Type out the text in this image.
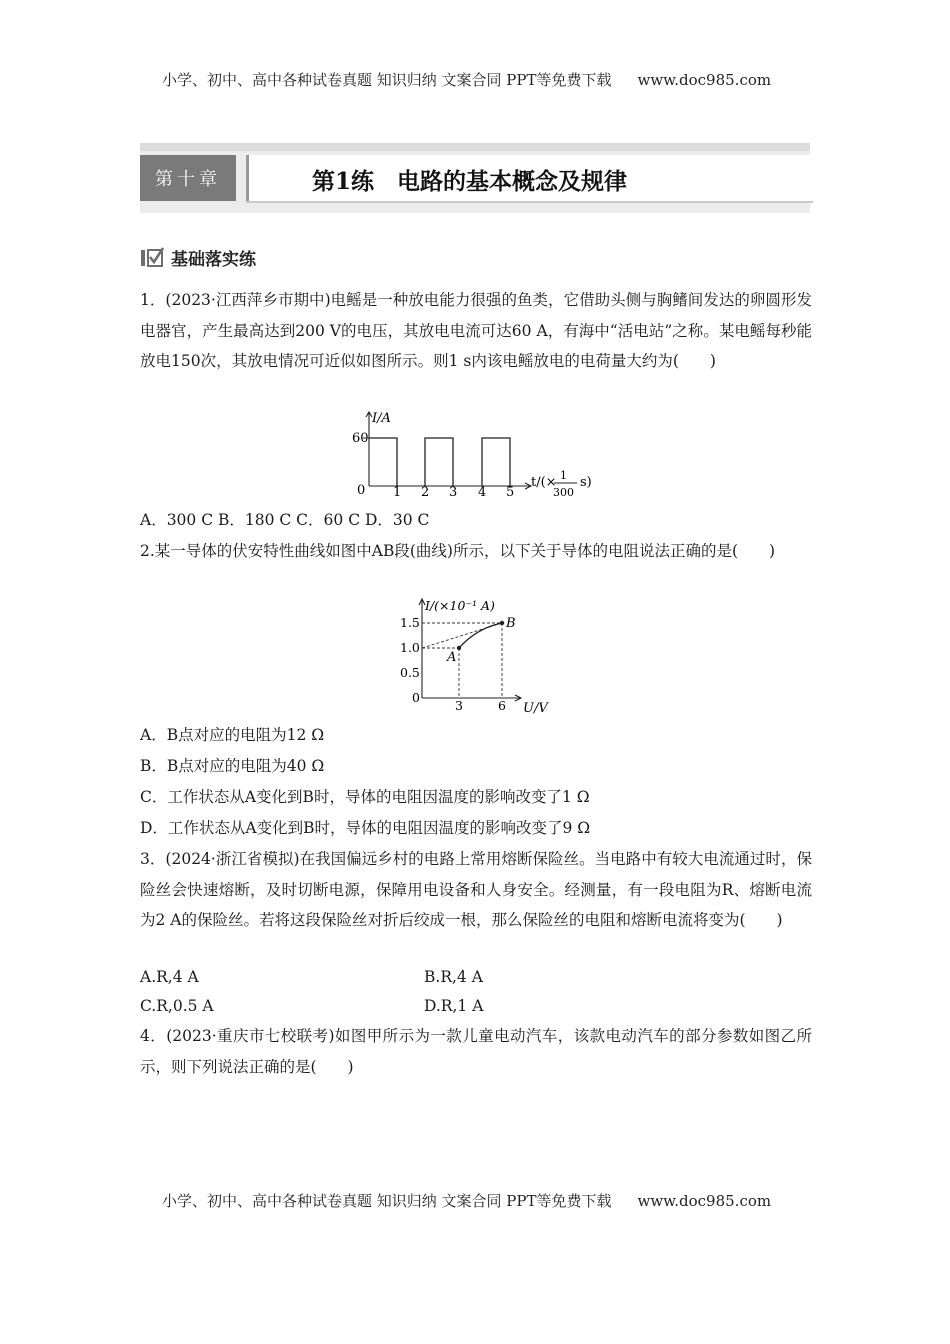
小学、初中、高中各种试卷真题 知识归纳 文案合同 PPT等免费下载 www.doc985.com
第十章	第1练　电路的基本概念及规律
基础落实练
1．(2023·江西萍乡市期中)电鳐是一种放电能力很强的鱼类，它借助头侧与胸鳍间发达的卵圆形发电器官，产生最高达到200 V的电压，其放电电流可达60 A，有海中“活电站”之称。某电鳐每秒能放电150次，其放电情况可近似如图所示。则1 s内该电鳐放电的电荷量大约为(　　)
I/A
60
0 1 2 3 4 5
t/(× 1
300
s)
A．300 C B．180 C C．60 C D．30 C
2.某一导体的伏安特性曲线如图中AB段(曲线)所示，以下关于导体的电阻说法正确的是(　　)
I/(×10⁻¹ A)
1.5
1.0
0.5
0
3	6 U/V
A
B
A．B点对应的电阻为12 Ω
B．B点对应的电阻为40 Ω
C．工作状态从A变化到B时，导体的电阻因温度的影响改变了1 Ω
D．工作状态从A变化到B时，导体的电阻因温度的影响改变了9 Ω
3．(2024·浙江省模拟)在我国偏远乡村的电路上常用熔断保险丝。当电路中有较大电流通过时，保险丝会快速熔断，及时切断电源，保障用电设备和人身安全。经测量，有一段电阻为R、熔断电流为2 A的保险丝。若将这段保险丝对折后绞成一根，那么保险丝的电阻和熔断电流将变为(　　)
A.R,4 A	B.R,4 A
C.R,0.5 A	D.R,1 A
4．(2023·重庆市七校联考)如图甲所示为一款儿童电动汽车，该款电动汽车的部分参数如图乙所示，则下列说法正确的是(　　)
小学、初中、高中各种试卷真题 知识归纳 文案合同 PPT等免费下载 www.doc985.com
